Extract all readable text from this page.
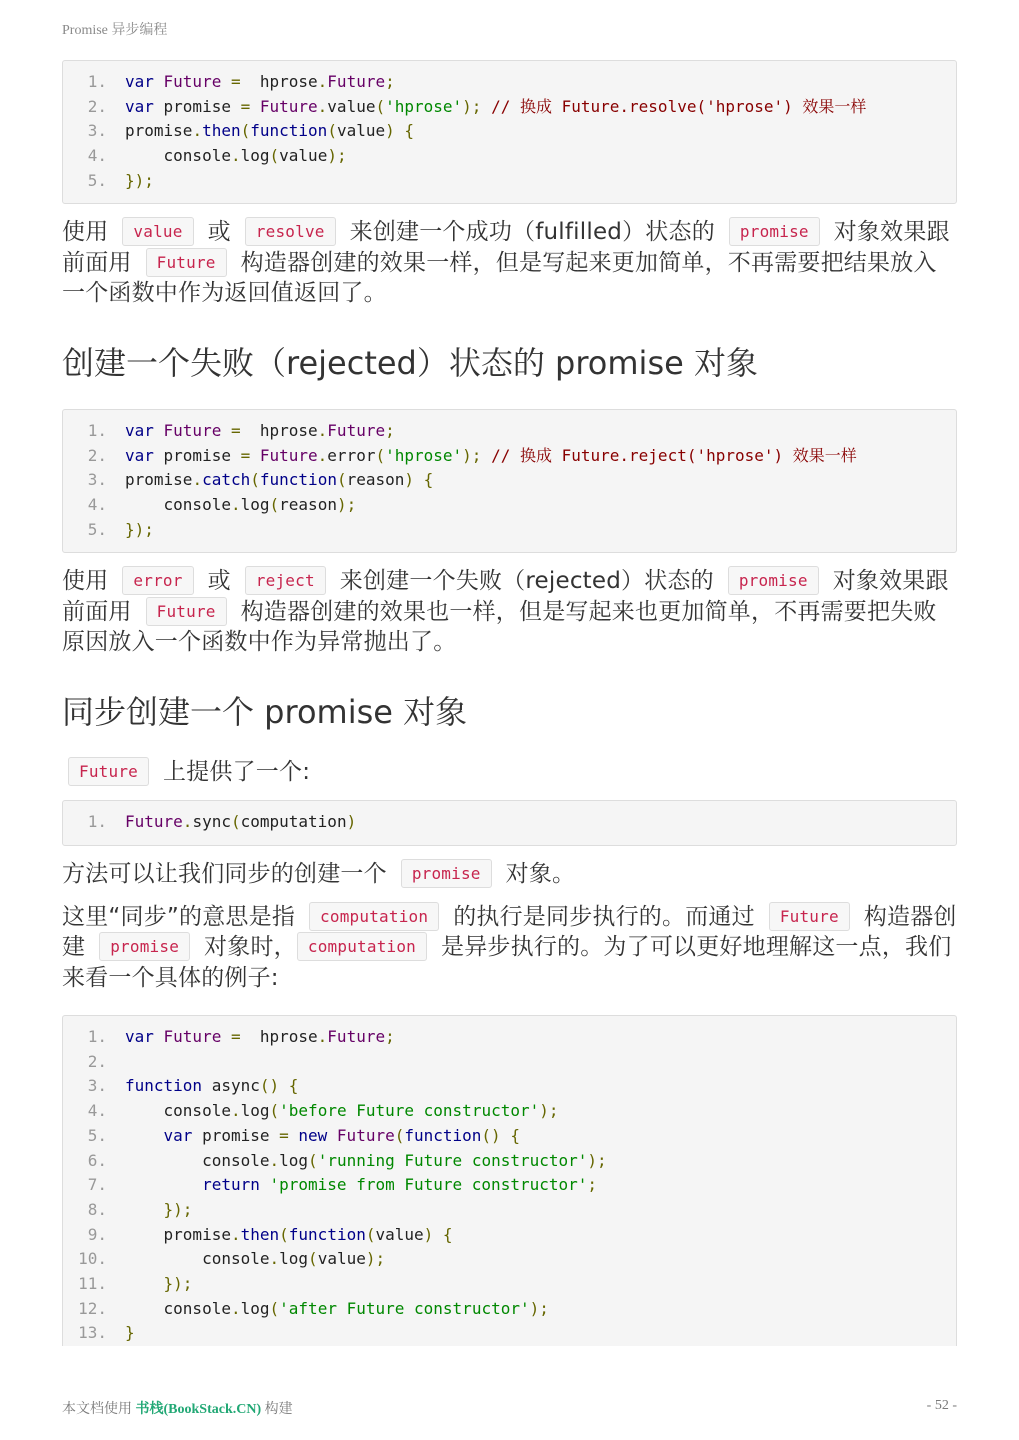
Promise 异步编程
1. var Future =  hprose.Future;
2. var promise = Future.value('hprose'); // 换成 Future.resolve('hprose') 效果一样
3. promise.then(function(value) {
4.    console.log(value);
5. });

使用 value 或 resolve 来创建一个成功（fulfilled）状态的 promise 对象效果跟前面用 Future 构造器创建的效果一样，但是写起来更加简单，不再需要把结果放入一个函数中作为返回值返回了。

创建一个失败（rejected）状态的 promise 对象
1. var Future =  hprose.Future;
2. var promise = Future.error('hprose'); // 换成 Future.reject('hprose') 效果一样
3. promise.catch(function(reason) {
4.    console.log(reason);
5. });

使用 error 或 reject 来创建一个失败（rejected）状态的 promise 对象效果跟前面用 Future 构造器创建的效果也一样，但是写起来也更加简单，不再需要把失败原因放入一个函数中作为异常抛出了。

同步创建一个 promise 对象

Future 上提供了一个:

1. Future.sync(computation)

方法可以让我们同步的创建一个 promise 对象。

这里“同步”的意思是指 computation 的执行是同步执行的。而通过 Future 构造器创建 promise 对象时， computation 是异步执行的。为了可以更好地理解这一点，我们来看一个具体的例子:

1. var Future =  hprose.Future;
2.
3. function async() {
4.    console.log('before Future constructor');
5.    var promise = new Future(function() {
6.        console.log('running Future constructor');
7.        return 'promise from Future constructor';
8.    });
9.    promise.then(function(value) {
10.        console.log(value);
11.    });
12.    console.log('after Future constructor');
13. }
本文档使用 书栈(BookStack.CN) 构建	- 52 -
